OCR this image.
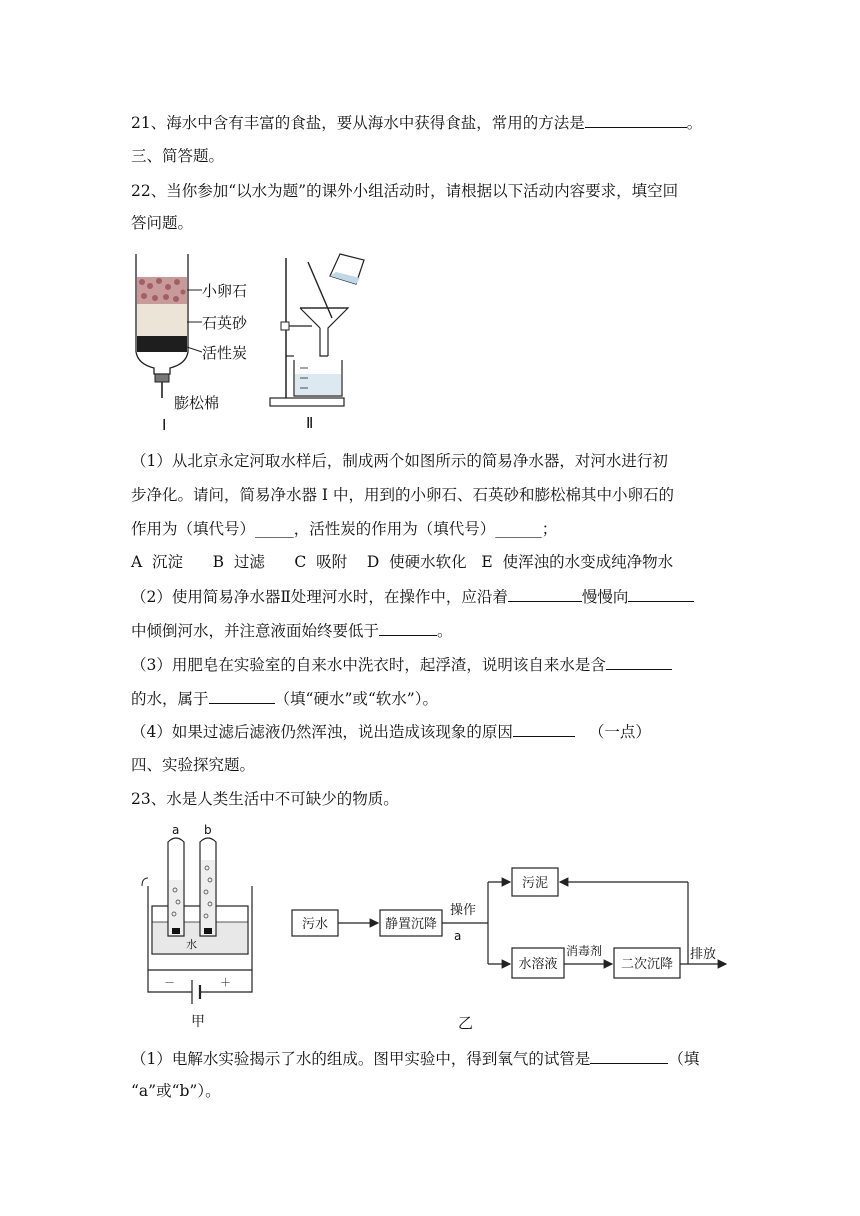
21、海水中含有丰富的食盐，要从海水中获得食盐，常用的方法是	。
三、简答题。
22、当你参加“以水为题”的课外小组活动时，请根据以下活动内容要求，填空回
答问题。
小卵石
石英砂
活性炭
膨松棉
I	Ⅱ
（1）从北京永定河取水样后，制成两个如图所示的简易净水器，对河水进行初
步净化。请问，简易净水器 I 中，用到的小卵石、石英砂和膨松棉其中小卵石的
作用为（填代号）_____，活性炭的作用为（填代号）______；
A  沉淀      B  过滤      C  吸附    D  使硬水软化   E  使浑浊的水变成纯净物水
（2）使用简易净水器Ⅱ处理河水时，在操作中，应沿着	慢慢向
中倾倒河水，并注意液面始终要低于	。
（3）用肥皂在实验室的自来水中洗衣时，起浮渣，说明该自来水是含
的水，属于	（填“硬水”或“软水”）。
（4）如果过滤后滤液仍然浑浊，说出造成该现象的原因	（一点）
四、实验探究题。
23、水是人类生活中不可缺少的物质。
a b
水
－	＋
甲
污水	静置沉降
操作
a
污泥
水溶液
消毒剂
二次沉降
排放
乙
（1）电解水实验揭示了水的组成。图甲实验中，得到氧气的试管是	（填
“a”或“b”）。
